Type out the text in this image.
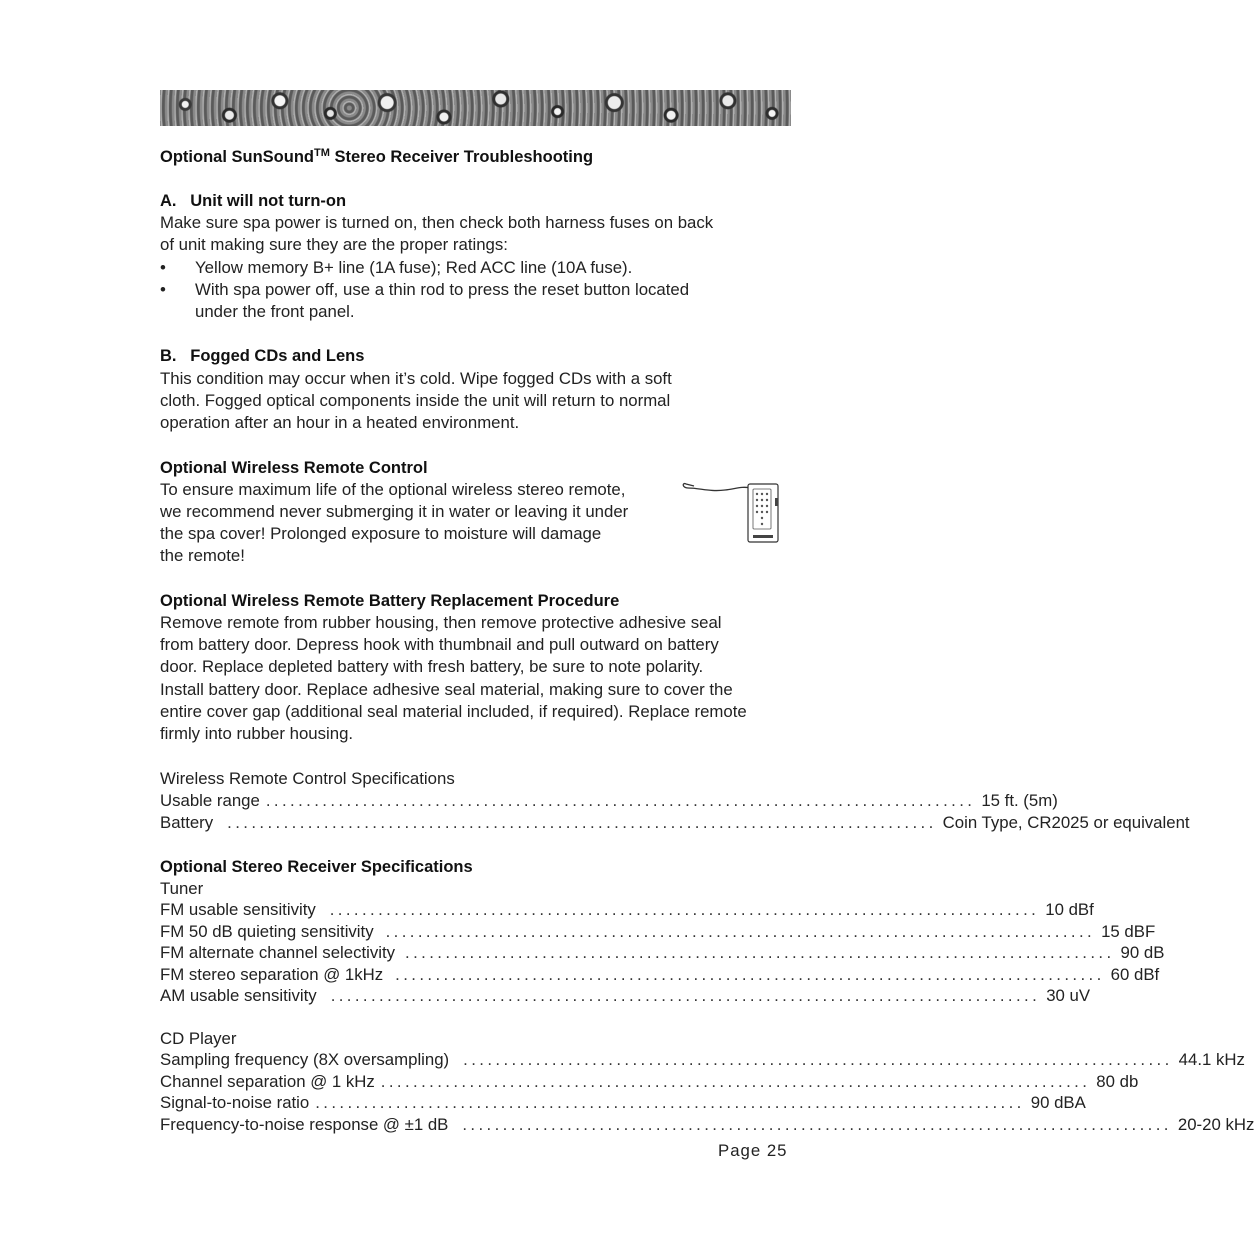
Optional SunSound™ Stereo Receiver Troubleshooting
A.   Unit will not turn-on
Make sure spa power is turned on, then check both harness fuses on back
of unit making sure they are the proper ratings:
• Yellow memory B+ line (1A fuse); Red ACC line (10A fuse).
• With spa power off, use a thin rod to press the reset button located
under the front panel.
B.   Fogged CDs and Lens
This condition may occur when it’s cold. Wipe fogged CDs with a soft
cloth. Fogged optical components inside the unit will return to normal
operation after an hour in a heated environment.
Optional Wireless Remote Control
To ensure maximum life of the optional wireless stereo remote,
we recommend never submerging it in water or leaving it under
the spa cover! Prolonged exposure to moisture will damage
the remote!
Optional Wireless Remote Battery Replacement Procedure
Remove remote from rubber housing, then remove protective adhesive seal
from battery door. Depress hook with thumbnail and pull outward on battery
door. Replace depleted battery with fresh battery, be sure to note polarity.
Install battery door. Replace adhesive seal material, making sure to cover the
entire cover gap (additional seal material included, if required). Replace remote
firmly into rubber housing.
Wireless Remote Control Specifications
Usable range ........................................................................................ 15 ft. (5m)
Battery ........................................................................................ Coin Type, CR2025 or equivalent
Optional Stereo Receiver Specifications
Tuner
FM usable sensitivity ........................................................................................ 10 dBf
FM 50 dB quieting sensitivity ........................................................................................ 15 dBF
FM alternate channel selectivity ........................................................................................ 90 dB
FM stereo separation @ 1kHz ........................................................................................ 60 dBf
AM usable sensitivity ........................................................................................ 30 uV
CD Player
Sampling frequency (8X oversampling) ........................................................................................ 44.1 kHz
Channel separation @ 1 kHz ........................................................................................ 80 db
Signal-to-noise ratio ........................................................................................ 90 dBA
Frequency-to-noise response @ ±1 dB ........................................................................................ 20-20 kHz
Page 25
